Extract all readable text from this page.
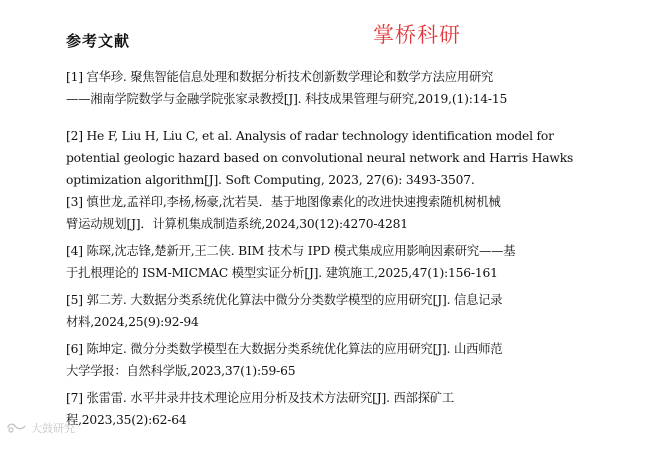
参考文献	掌桥科研
[1] 宫华珍. 聚焦智能信息处理和数据分析技术创新数学理论和数学方法应用研究
——湘南学院数学与金融学院张家录教授[J]. 科技成果管理与研究,2019,(1):14-15
[2] He F, Liu H, Liu C, et al. Analysis of radar technology identification model for
potential geologic hazard based on convolutional neural network and Harris Hawks
optimization algorithm[J]. Soft Computing, 2023, 27(6): 3493-3507.
[3] 慎世龙,孟祥印,李杨,杨豪,沈若昊．基于地图像素化的改进快速搜索随机树机械
臂运动规划[J]．计算机集成制造系统,2024,30(12):4270-4281
[4] 陈琛,沈志锋,楚新开,王二侠. BIM 技术与 IPD 模式集成应用影响因素研究——基
于扎根理论的 ISM-MICMAC 模型实证分析[J]. 建筑施工,2025,47(1):156-161
[5] 郭二芳. 大数据分类系统优化算法中微分分类数学模型的应用研究[J]. 信息记录
材料,2024,25(9):92-94
[6] 陈坤定. 微分分类数学模型在大数据分类系统优化算法的应用研究[J]. 山西师范
大学学报：自然科学版,2023,37(1):59-65
[7] 张雷雷. 水平井录井技术理论应用分析及技术方法研究[J]. 西部探矿工
程,2023,35(2):62-64
大鼓研究
